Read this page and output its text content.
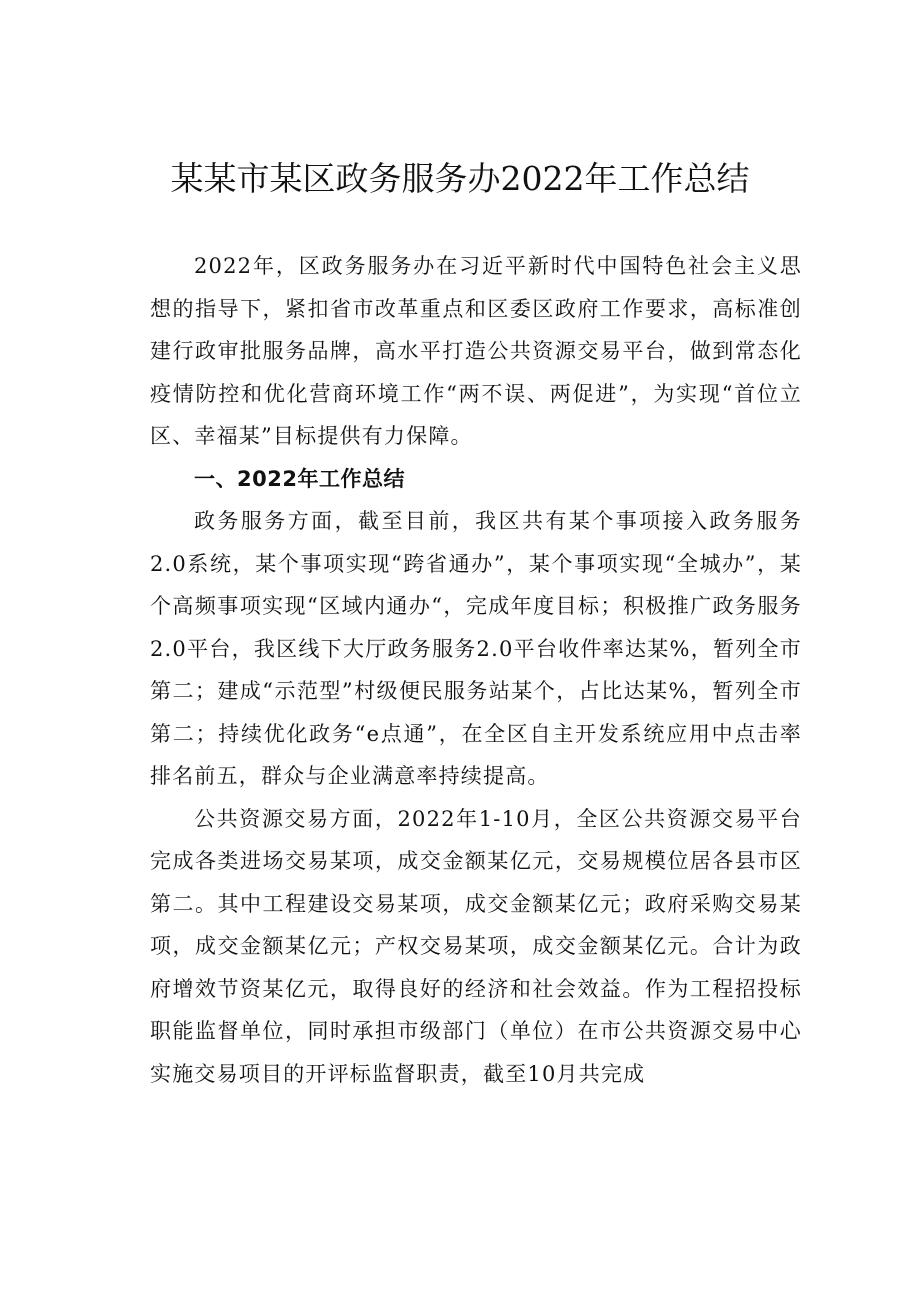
某某市某区政务服务办2022年工作总结

2022年，区政务服务办在习近平新时代中国特色社会主义思想的指导下，紧扣省市改革重点和区委区政府工作要求，高标准创建行政审批服务品牌，高水平打造公共资源交易平台，做到常态化疫情防控和优化营商环境工作“两不误、两促进”，为实现“首位立区、幸福某”目标提供有力保障。

一、2022年工作总结

政务服务方面，截至目前，我区共有某个事项接入政务服务2.0系统，某个事项实现“跨省通办”，某个事项实现“全城办”，某个高频事项实现“区域内通办“，完成年度目标；积极推广政务服务2.0平台，我区线下大厅政务服务2.0平台收件率达某%，暂列全市第二；建成“示范型”村级便民服务站某个，占比达某%，暂列全市第二；持续优化政务“e点通”，在全区自主开发系统应用中点击率排名前五，群众与企业满意率持续提高。

公共资源交易方面，2022年1-10月，全区公共资源交易平台完成各类进场交易某项，成交金额某亿元，交易规模位居各县市区第二。其中工程建设交易某项，成交金额某亿元；政府采购交易某项，成交金额某亿元；产权交易某项，成交金额某亿元。合计为政府增效节资某亿元，取得良好的经济和社会效益。作为工程招投标职能监督单位，同时承担市级部门（单位）在市公共资源交易中心实施交易项目的开评标监督职责，截至10月共完成
